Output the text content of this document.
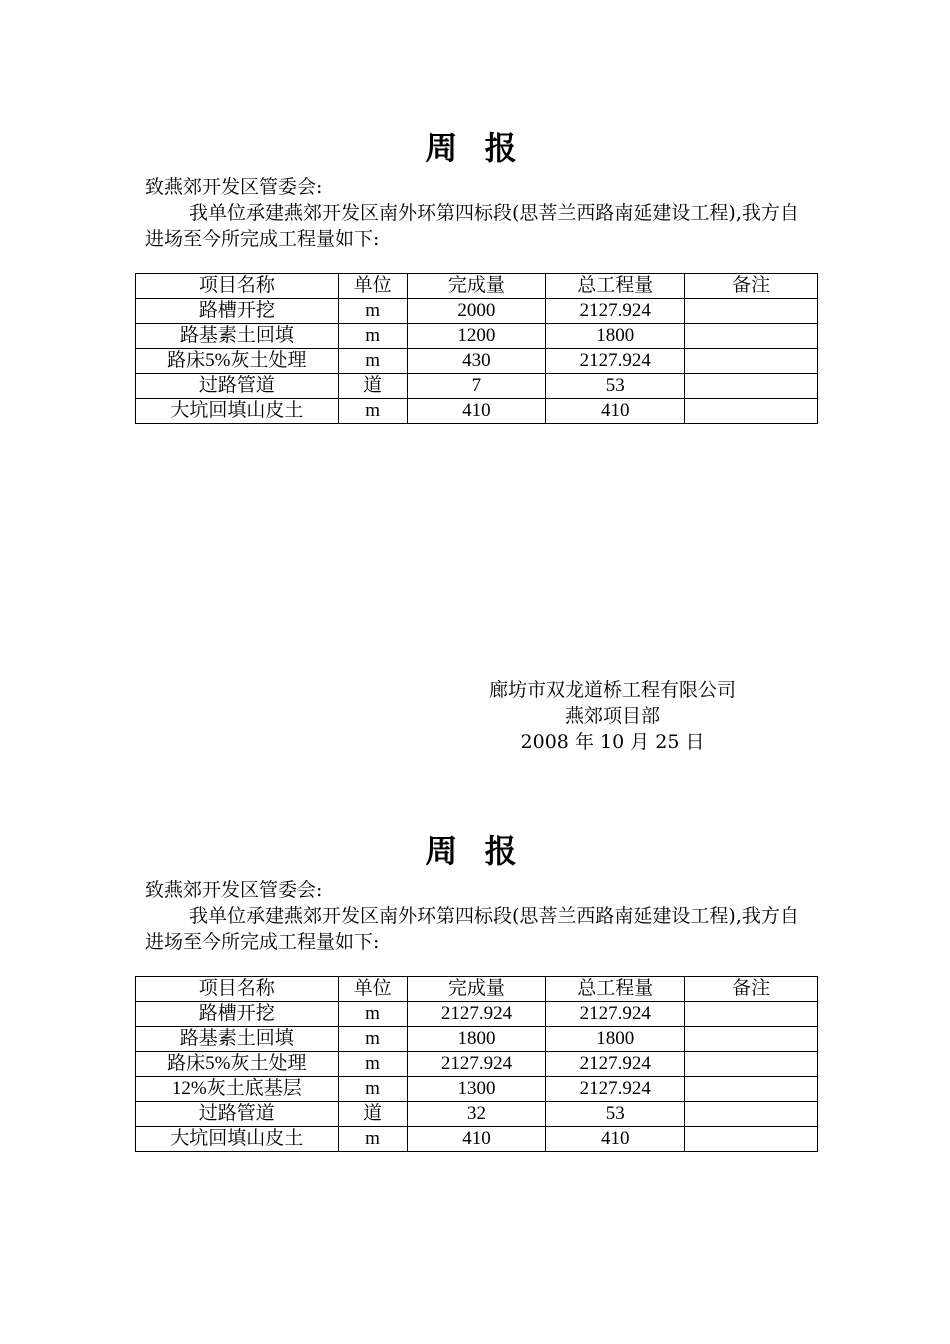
周 报
致燕郊开发区管委会:
我单位承建燕郊开发区南外环第四标段(思菩兰西路南延建设工程),我方自进场至今所完成工程量如下:
项目名称	单位	完成量	总工程量	备注
路槽开挖	m	2000	2127.924	
路基素土回填	m	1200	1800	
路床5%灰土处理	m	430	2127.924	
过路管道	道	7	53	
大坑回填山皮土	m	410	410	
廊坊市双龙道桥工程有限公司
燕郊项目部
2008 年 10 月 25 日
周 报
致燕郊开发区管委会:
我单位承建燕郊开发区南外环第四标段(思菩兰西路南延建设工程),我方自进场至今所完成工程量如下:
项目名称	单位	完成量	总工程量	备注
路槽开挖	m	2127.924	2127.924	
路基素土回填	m	1800	1800	
路床5%灰土处理	m	2127.924	2127.924	
12%灰土底基层	m	1300	2127.924	
过路管道	道	32	53	
大坑回填山皮土	m	410	410	
